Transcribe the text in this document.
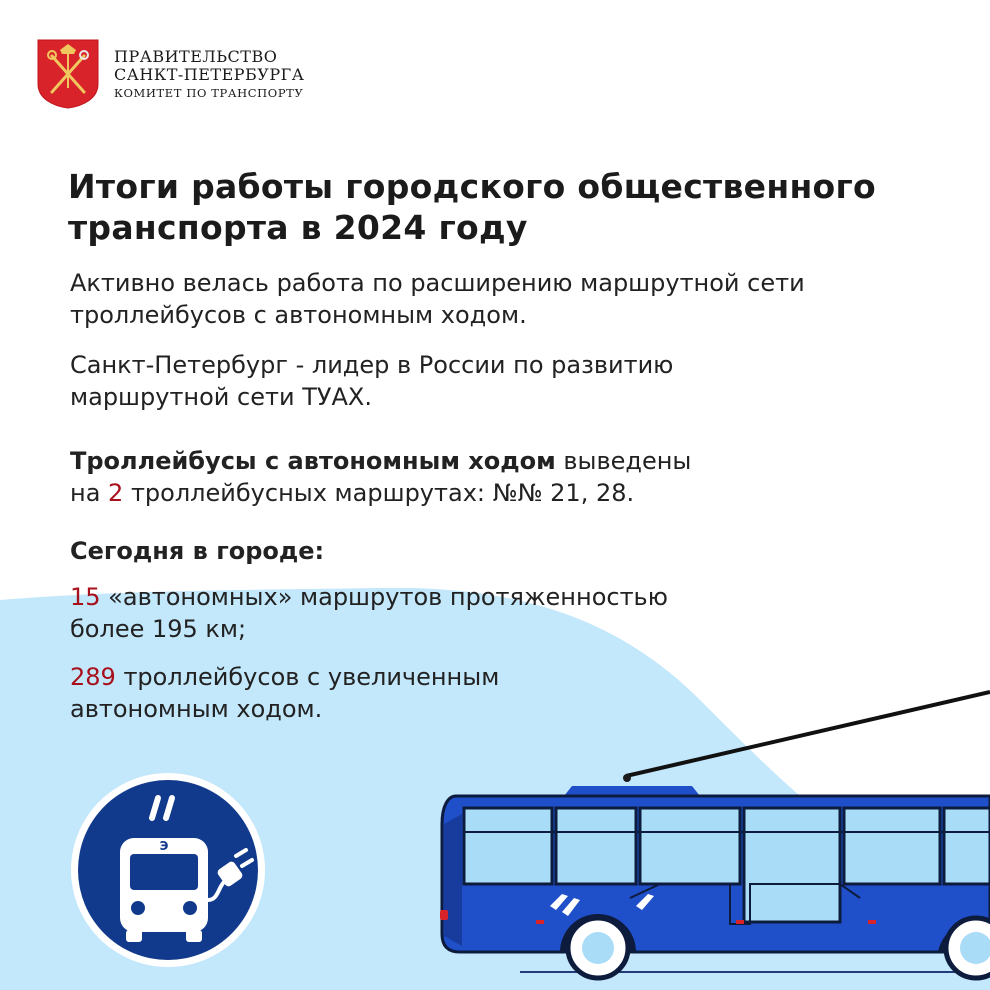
ПРАВИТЕЛЬСТВО
САНКТ-ПЕТЕРБУРГА
КОМИТЕТ ПО ТРАНСПОРТУ
Итоги работы городского общественного
транспорта в 2024 году

Активно велась работа по расширению маршрутной сети
троллейбусов с автономным ходом.

Санкт-Петербург - лидер в России по развитию
маршрутной сети ТУАХ.

Троллейбусы с автономным ходом выведены
на 2 троллейбусных маршрутах: №№ 21, 28.

Сегодня в городе:

15 «автономных» маршрутов протяженностью
более 195 км;

289 троллейбусов с увеличенным
автономным ходом.

Э
